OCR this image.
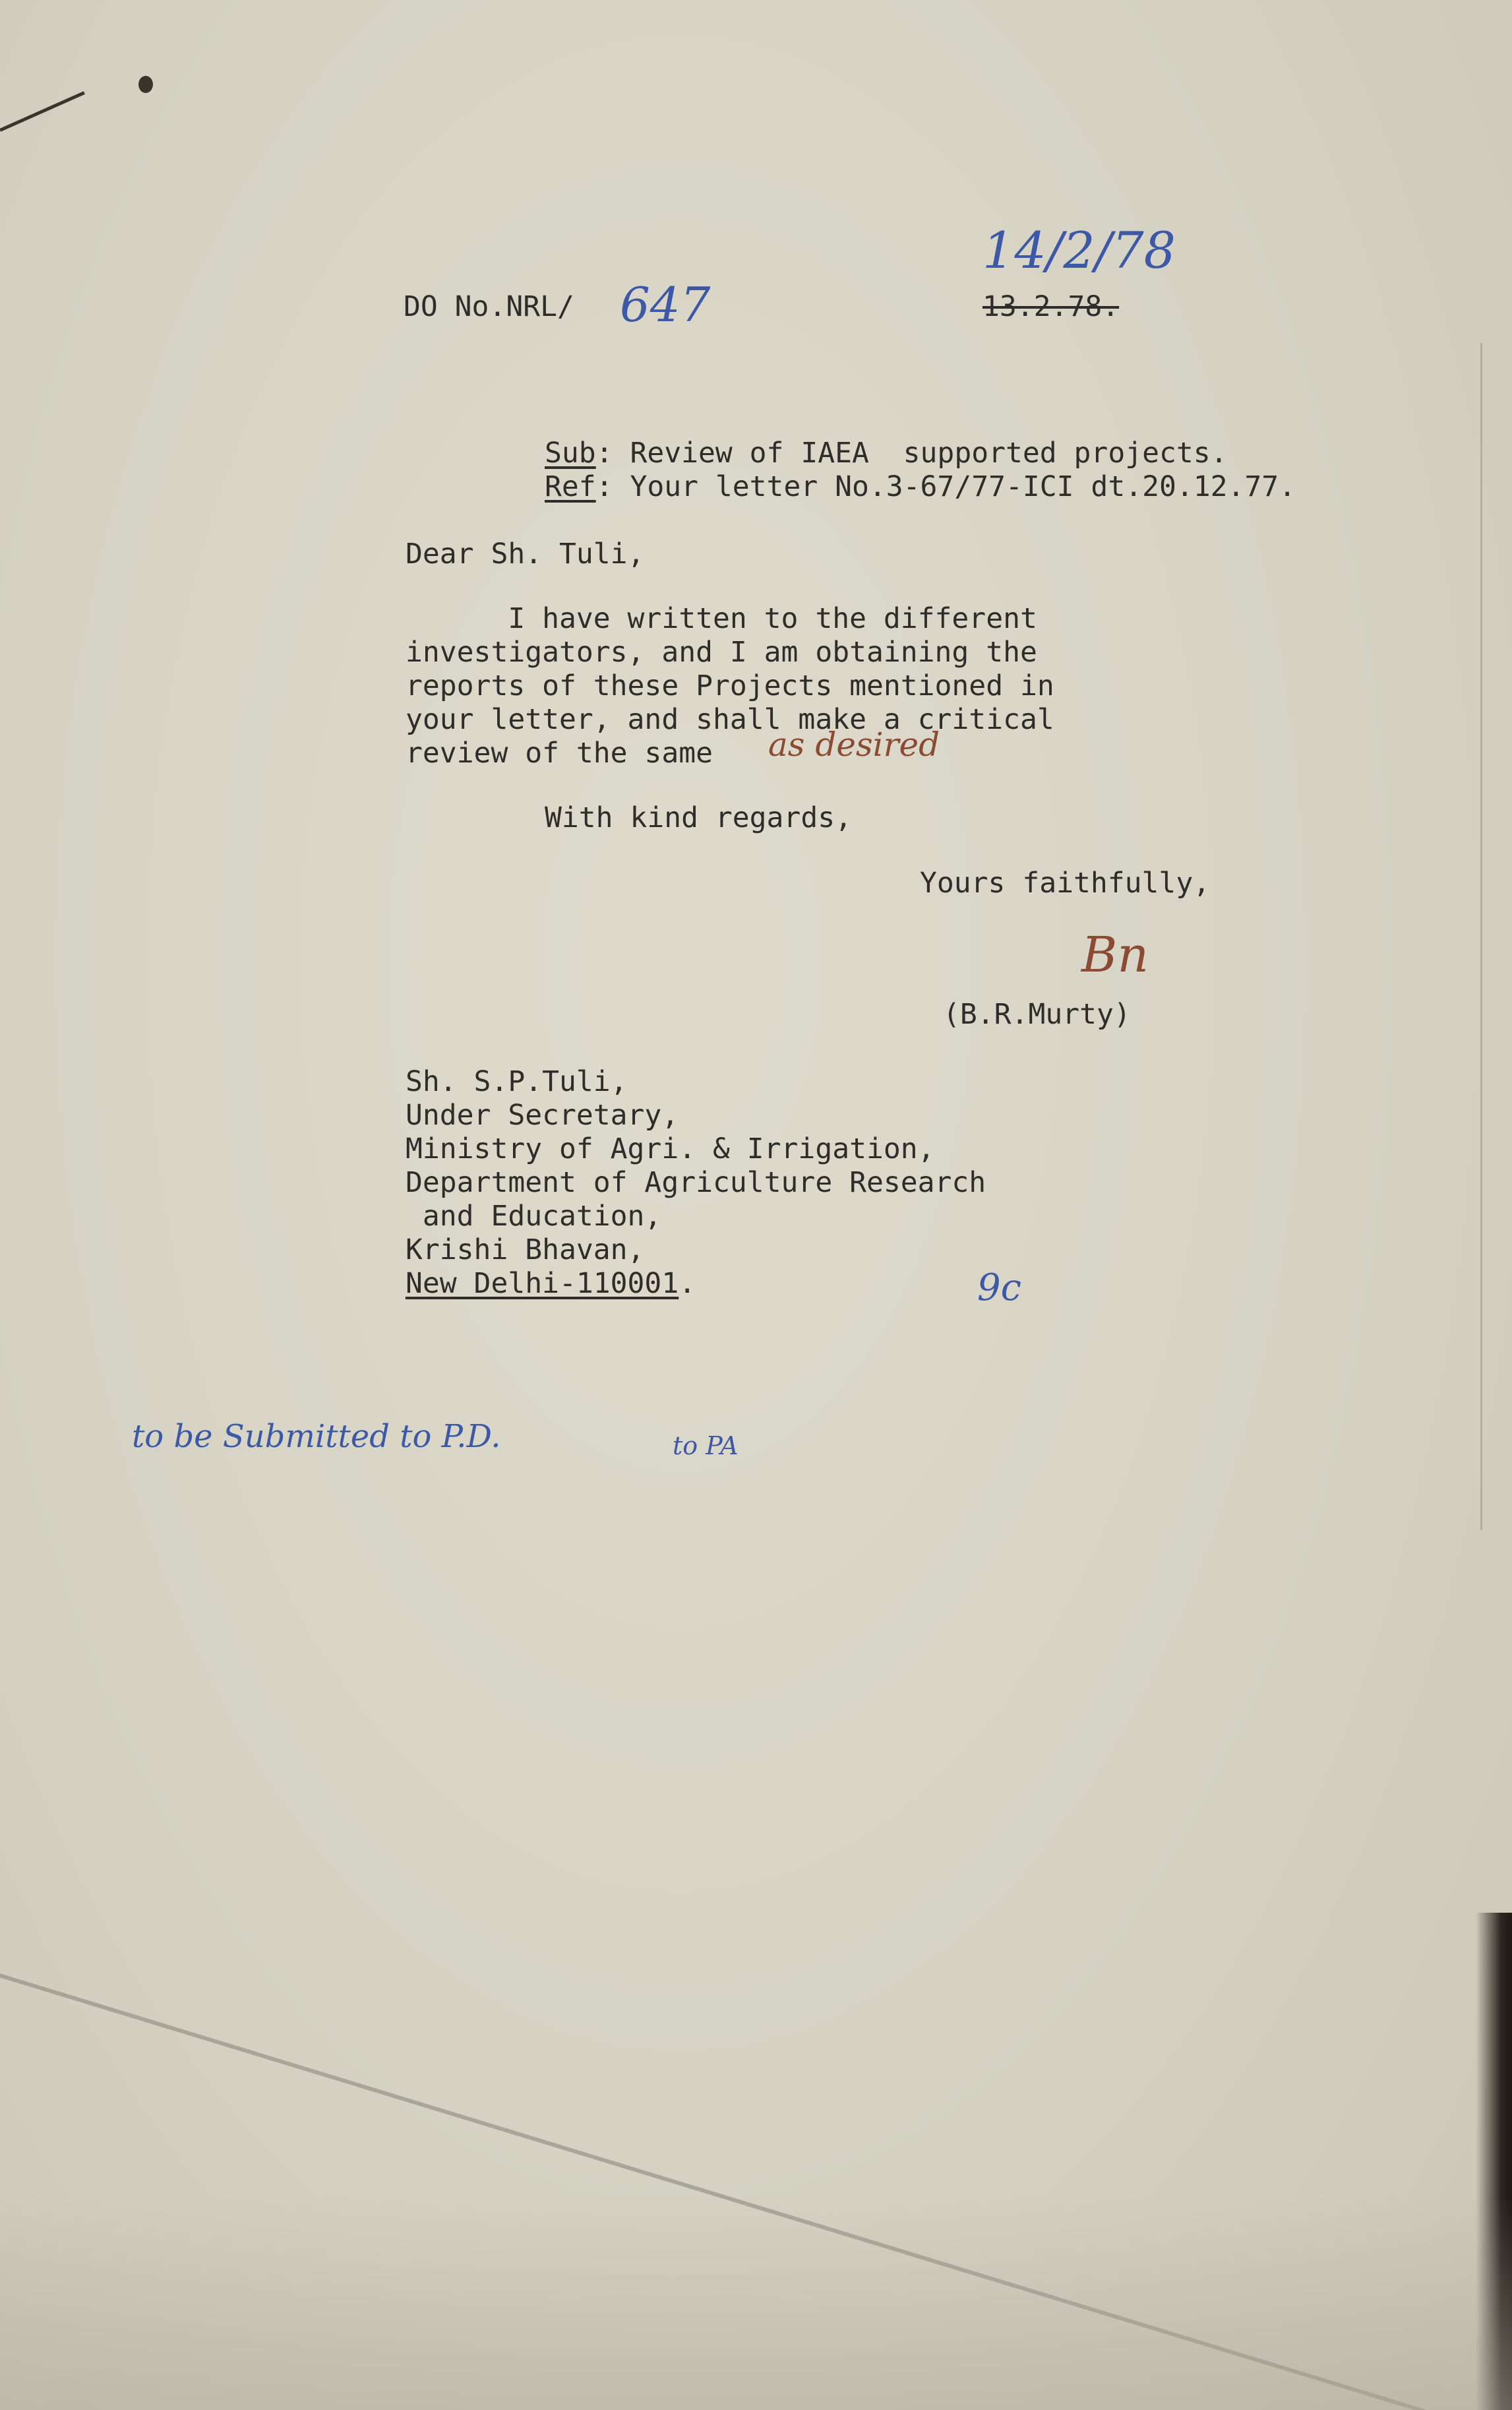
DO No.NRL/ 647

14/2/78

13.2.78.

Sub: Review of IAEA  supported projects.

Ref: Your letter No.3-67/77-ICI dt.20.12.77.

Dear Sh. Tuli,

I have written to the different

investigators, and I am obtaining the

reports of these Projects mentioned in

your letter, and shall make a critical

review of the same as desired

With kind regards,

Yours faithfully,

Bn

(B.R.Murty)

Sh. S.P.Tuli,

Under Secretary,

Ministry of Agri. & Irrigation,

Department of Agriculture Research

and Education,

Krishi Bhavan,

New Delhi-110001.	9c

to be Submitted to P.D.	to PA
